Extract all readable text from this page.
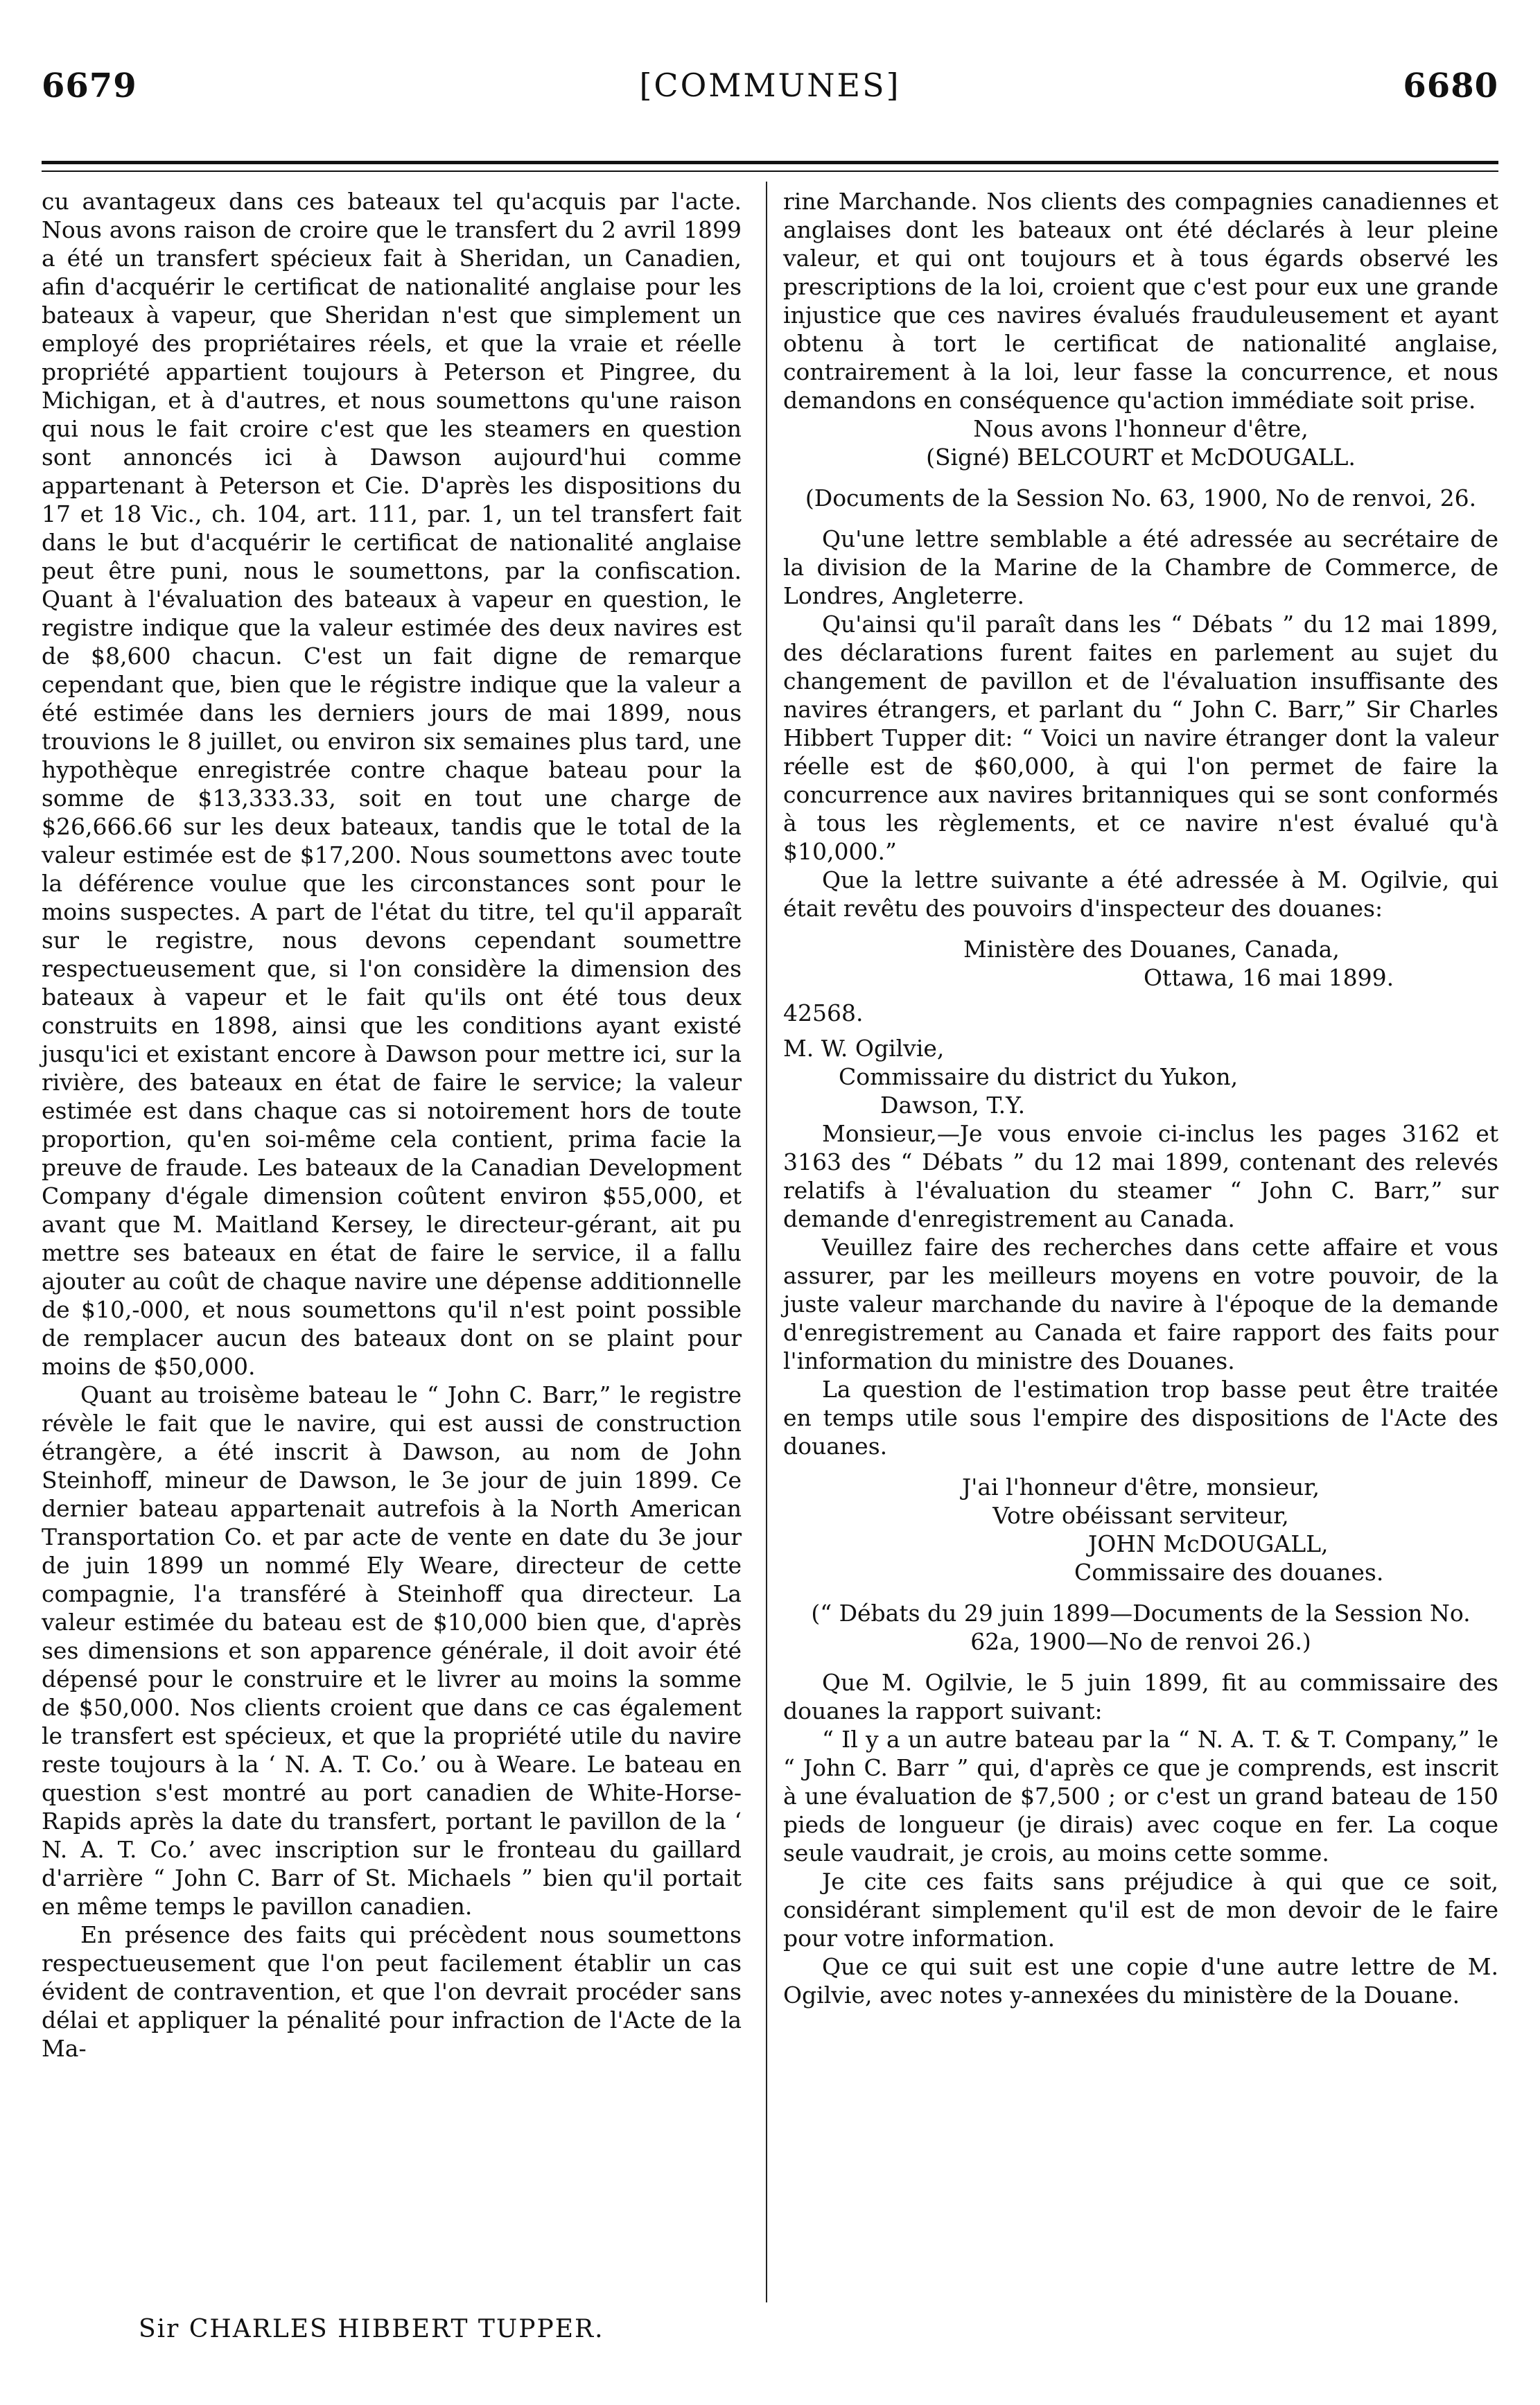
6679	[COMMUNES]	6680

cu avantageux dans ces bateaux tel qu'acquis par l'acte. Nous avons raison de croire que le transfert du 2 avril 1899 a été un transfert spécieux fait à Sheridan, un Canadien, afin d'acquérir le certificat de nationalité anglaise pour les bateaux à vapeur, que Sheridan n'est que simplement un employé des propriétaires réels, et que la vraie et réelle propriété appartient toujours à Peterson et Pingree, du Michigan, et à d'autres, et nous soumettons qu'une raison qui nous le fait croire c'est que les steamers en question sont annoncés ici à Dawson aujourd'hui comme appartenant à Peterson et Cie. D'après les dispositions du 17 et 18 Vic., ch. 104, art. 111, par. 1, un tel transfert fait dans le but d'acquérir le certificat de nationalité anglaise peut être puni, nous le soumettons, par la confiscation. Quant à l'évaluation des bateaux à vapeur en question, le registre indique que la valeur estimée des deux navires est de $8,600 chacun. C'est un fait digne de remarque cependant que, bien que le régistre indique que la valeur a été estimée dans les derniers jours de mai 1899, nous trouvions le 8 juillet, ou environ six semaines plus tard, une hypothèque enregistrée contre chaque bateau pour la somme de $13,333.33, soit en tout une charge de $26,666.66 sur les deux bateaux, tandis que le total de la valeur estimée est de $17,200. Nous soumettons avec toute la déférence voulue que les circonstances sont pour le moins suspectes. A part de l'état du titre, tel qu'il apparaît sur le registre, nous devons cependant soumettre respectueusement que, si l'on considère la dimension des bateaux à vapeur et le fait qu'ils ont été tous deux construits en 1898, ainsi que les conditions ayant existé jusqu'ici et existant encore à Dawson pour mettre ici, sur la rivière, des bateaux en état de faire le service; la valeur estimée est dans chaque cas si notoirement hors de toute proportion, qu'en soi-même cela contient, prima facie la preuve de fraude. Les bateaux de la Canadian Development Company d'égale dimension coûtent environ $55,000, et avant que M. Maitland Kersey, le directeur-gérant, ait pu mettre ses bateaux en état de faire le service, il a fallu ajouter au coût de chaque navire une dépense additionnelle de $10,-000, et nous soumettons qu'il n'est point possible de remplacer aucun des bateaux dont on se plaint pour moins de $50,000.

Quant au troisème bateau le “ John C. Barr,” le registre révèle le fait que le navire, qui est aussi de construction étrangère, a été inscrit à Dawson, au nom de John Steinhoff, mineur de Dawson, le 3e jour de juin 1899. Ce dernier bateau appartenait autrefois à la North American Transportation Co. et par acte de vente en date du 3e jour de juin 1899 un nommé Ely Weare, directeur de cette compagnie, l'a transféré à Steinhoff qua directeur. La valeur estimée du bateau est de $10,000 bien que, d'après ses dimensions et son apparence générale, il doit avoir été dépensé pour le construire et le livrer au moins la somme de $50,000. Nos clients croient que dans ce cas également le transfert est spécieux, et que la propriété utile du navire reste toujours à la ‘ N. A. T. Co.’ ou à Weare. Le bateau en question s'est montré au port canadien de White-Horse-Rapids après la date du transfert, portant le pavillon de la ‘ N. A. T. Co.’ avec inscription sur le fronteau du gaillard d'arrière “ John C. Barr of St. Michaels ” bien qu'il portait en même temps le pavillon canadien.

En présence des faits qui précèdent nous soumettons respectueusement que l'on peut facilement établir un cas évident de contravention, et que l'on devrait procéder sans délai et appliquer la pénalité pour infraction de l'Acte de la Ma-

Sir CHARLES HIBBERT TUPPER.

rine Marchande. Nos clients des compagnies canadiennes et anglaises dont les bateaux ont été déclarés à leur pleine valeur, et qui ont toujours et à tous égards observé les prescriptions de la loi, croient que c'est pour eux une grande injustice que ces navires évalués frauduleusement et ayant obtenu à tort le certificat de nationalité anglaise, contrairement à la loi, leur fasse la concurrence, et nous demandons en conséquence qu'action immédiate soit prise.

Nous avons l'honneur d'être,

(Signé) BELCOURT et McDOUGALL.

(Documents de la Session No. 63, 1900, No de renvoi, 26.

Qu'une lettre semblable a été adressée au secrétaire de la division de la Marine de la Chambre de Commerce, de Londres, Angleterre.

Qu'ainsi qu'il paraît dans les “ Débats ” du 12 mai 1899, des déclarations furent faites en parlement au sujet du changement de pavillon et de l'évaluation insuffisante des navires étrangers, et parlant du “ John C. Barr,” Sir Charles Hibbert Tupper dit: “ Voici un navire étranger dont la valeur réelle est de $60,000, à qui l'on permet de faire la concurrence aux navires britanniques qui se sont conformés à tous les règlements, et ce navire n'est évalué qu'à $10,000.”

Que la lettre suivante a été adressée à M. Ogilvie, qui était revêtu des pouvoirs d'inspecteur des douanes:

Ministère des Douanes, Canada,

Ottawa, 16 mai 1899.

42568.

M. W. Ogilvie,

Commissaire du district du Yukon,

Dawson, T.Y.

Monsieur,—Je vous envoie ci-inclus les pages 3162 et 3163 des “ Débats ” du 12 mai 1899, contenant des relevés relatifs à l'évaluation du steamer “ John C. Barr,” sur demande d'enregistrement au Canada.

Veuillez faire des recherches dans cette affaire et vous assurer, par les meilleurs moyens en votre pouvoir, de la juste valeur marchande du navire à l'époque de la demande d'enregistrement au Canada et faire rapport des faits pour l'information du ministre des Douanes.

La question de l'estimation trop basse peut être traitée en temps utile sous l'empire des dispositions de l'Acte des douanes.

J'ai l'honneur d'être, monsieur,

Votre obéissant serviteur,

JOHN McDOUGALL,

Commissaire des douanes.

(“ Débats du 29 juin 1899—Documents de la Session No. 62a, 1900—No de renvoi 26.)

Que M. Ogilvie, le 5 juin 1899, fit au commissaire des douanes la rapport suivant:

“ Il y a un autre bateau par la “ N. A. T. & T. Company,” le “ John C. Barr ” qui, d'après ce que je comprends, est inscrit à une évaluation de $7,500 ; or c'est un grand bateau de 150 pieds de longueur (je dirais) avec coque en fer. La coque seule vaudrait, je crois, au moins cette somme.

Je cite ces faits sans préjudice à qui que ce soit, considérant simplement qu'il est de mon devoir de le faire pour votre information.

Que ce qui suit est une copie d'une autre lettre de M. Ogilvie, avec notes y-annexées du ministère de la Douane.
